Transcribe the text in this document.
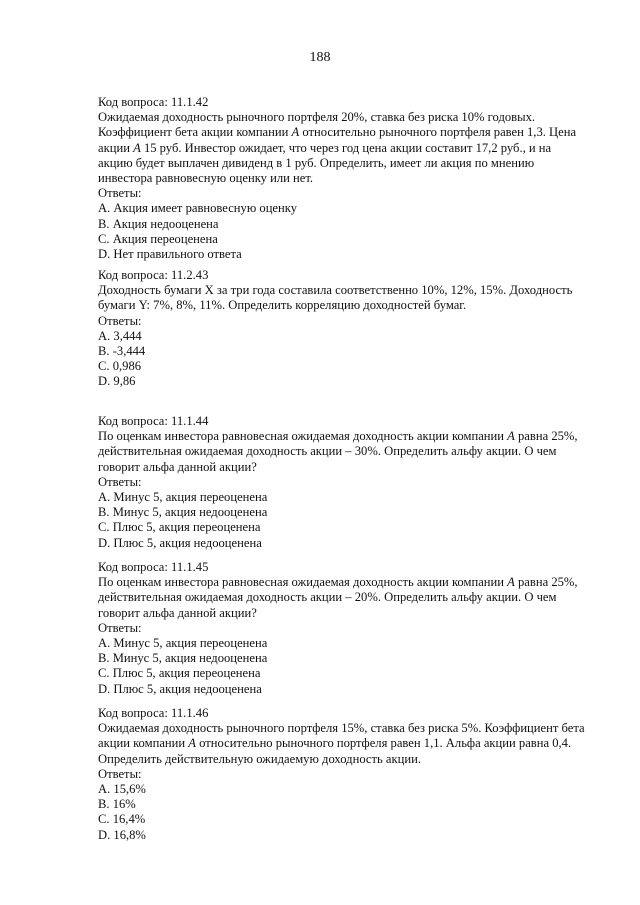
188
Код вопроса: 11.1.42
Ожидаемая доходность рыночного портфеля 20%, ставка без риска 10% годовых.
Коэффициент бета акции компании A относительно рыночного портфеля равен 1,3. Цена
акции A 15 руб. Инвестор ожидает, что через год цена акции составит 17,2 руб., и на
акцию будет выплачен дивиденд в 1 руб. Определить, имеет ли акция по мнению
инвестора равновесную оценку или нет.
Ответы:
A. Акция имеет равновесную оценку
B. Акция недооценена
C. Акция переоценена
D. Нет правильного ответа
Код вопроса: 11.2.43
Доходность бумаги X за три года составила соответственно 10%, 12%, 15%. Доходность
бумаги Y: 7%, 8%, 11%. Определить корреляцию доходностей бумаг.
Ответы:
A. 3,444
B. -3,444
C. 0,986
D. 9,86
Код вопроса: 11.1.44
По оценкам инвестора равновесная ожидаемая доходность акции компании A равна 25%,
действительная ожидаемая доходность акции – 30%. Определить альфу акции. О чем
говорит альфа данной акции?
Ответы:
A. Минус 5, акция переоценена
B. Минус 5, акция недооценена
C. Плюс 5, акция переоценена
D. Плюс 5, акция недооценена
Код вопроса: 11.1.45
По оценкам инвестора равновесная ожидаемая доходность акции компании A равна 25%,
действительная ожидаемая доходность акции – 20%. Определить альфу акции. О чем
говорит альфа данной акции?
Ответы:
A. Минус 5, акция переоценена
B. Минус 5, акция недооценена
C. Плюс 5, акция переоценена
D. Плюс 5, акция недооценена
Код вопроса: 11.1.46
Ожидаемая доходность рыночного портфеля 15%, ставка без риска 5%. Коэффициент бета
акции компании A относительно рыночного портфеля равен 1,1. Альфа акции равна 0,4.
Определить действительную ожидаемую доходность акции.
Ответы:
A. 15,6%
B. 16%
C. 16,4%
D. 16,8%
